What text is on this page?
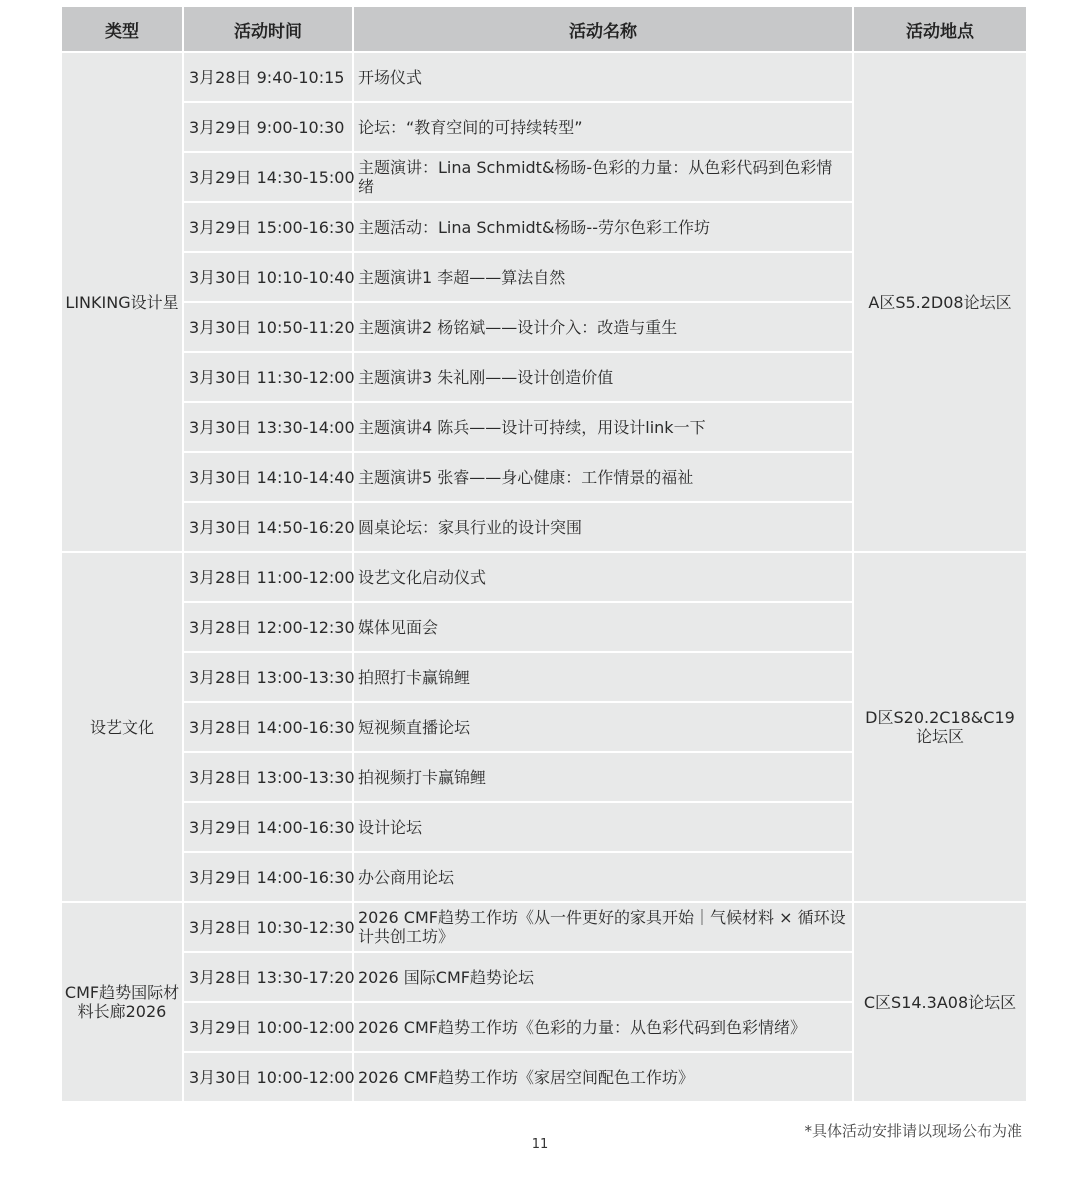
类型	活动时间	活动名称	活动地点
LINKING设计星	3月28日 9:40-10:15	开场仪式	A区S5.2D08论坛区
	3月29日 9:00-10:30	论坛：“教育空间的可持续转型”	
	3月29日 14:30-15:00	主题演讲：Lina Schmidt&杨旸-色彩的力量：从色彩代码到色彩情绪	
	3月29日 15:00-16:30	主题活动：Lina Schmidt&杨旸--劳尔色彩工作坊	
	3月30日 10:10-10:40	主题演讲1 李超——算法自然	
	3月30日 10:50-11:20	主题演讲2 杨铭斌——设计介入：改造与重生	
	3月30日 11:30-12:00	主题演讲3 朱礼刚——设计创造价值	
	3月30日 13:30-14:00	主题演讲4 陈兵——设计可持续，用设计link一下	
	3月30日 14:10-14:40	主题演讲5 张睿——身心健康：工作情景的福祉	
	3月30日 14:50-16:20	圆桌论坛：家具行业的设计突围	
设艺文化	3月28日 11:00-12:00	设艺文化启动仪式	D区S20.2C18&C19论坛区
	3月28日 12:00-12:30	媒体见面会	
	3月28日 13:00-13:30	拍照打卡赢锦鲤	
	3月28日 14:00-16:30	短视频直播论坛	
	3月28日 13:00-13:30	拍视频打卡赢锦鲤	
	3月29日 14:00-16:30	设计论坛	
	3月29日 14:00-16:30	办公商用论坛	
CMF趋势国际材料长廊2026	3月28日 10:30-12:30	2026 CMF趋势工作坊《从一件更好的家具开始｜气候材料 × 循环设计共创工坊》	C区S14.3A08论坛区
	3月28日 13:30-17:20	2026 国际CMF趋势论坛	
	3月29日 10:00-12:00	2026 CMF趋势工作坊《色彩的力量：从色彩代码到色彩情绪》	
	3月30日 10:00-12:00	2026 CMF趋势工作坊《家居空间配色工作坊》	
*具体活动安排请以现场公布为准
11
